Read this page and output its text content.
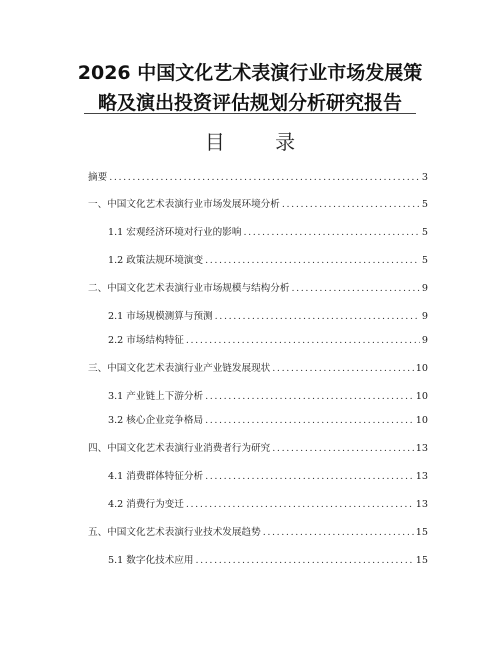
2026 中国文化艺术表演行业市场发展策
略及演出投资评估规划分析研究报告
目 录
摘要 .....	3
一、中国文化艺术表演行业市场发展环境分析 .....	5
1.1 宏观经济环境对行业的影响 .....	5
1.2 政策法规环境演变 .....	5
二、中国文化艺术表演行业市场规模与结构分析 .....	9
2.1 市场规模测算与预测 .....	9
2.2 市场结构特征 .....	9
三、中国文化艺术表演行业产业链发展现状 .....	10
3.1 产业链上下游分析 .....	10
3.2 核心企业竞争格局 .....	10
四、中国文化艺术表演行业消费者行为研究 .....	13
4.1 消费群体特征分析 .....	13
4.2 消费行为变迁 .....	13
五、中国文化艺术表演行业技术发展趋势 .....	15
5.1 数字化技术应用 .....	15
